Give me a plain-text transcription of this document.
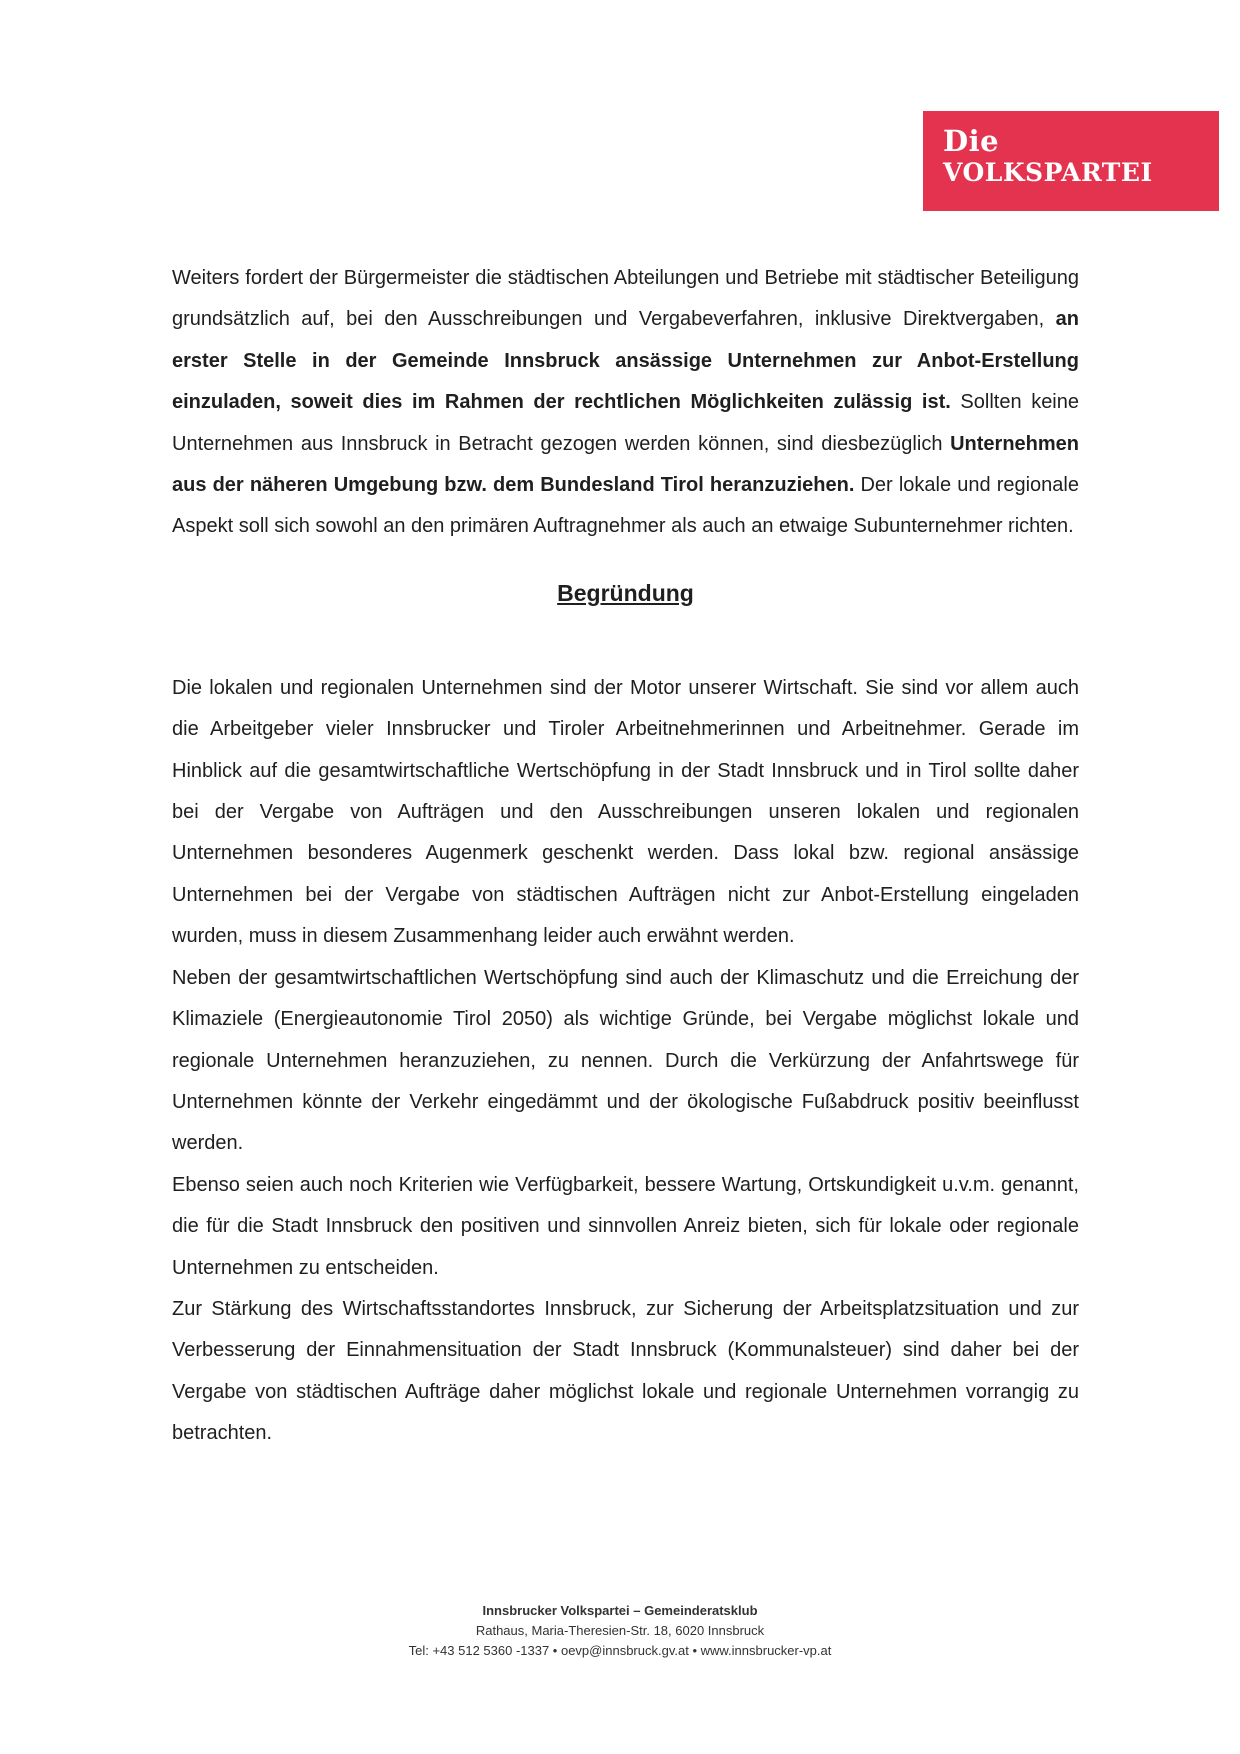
Die
VOLKSPARTEI

Weiters fordert der Bürgermeister die städtischen Abteilungen und Betriebe mit städtischer Beteiligung grundsätzlich auf, bei den Ausschreibungen und Vergabeverfahren, inklusive Direktvergaben, an erster Stelle in der Gemeinde Innsbruck ansässige Unternehmen zur Anbot-Erstellung einzuladen, soweit dies im Rahmen der rechtlichen Möglichkeiten zulässig ist. Sollten keine Unternehmen aus Innsbruck in Betracht gezogen werden können, sind diesbezüglich Unternehmen aus der näheren Umgebung bzw. dem Bundesland Tirol heranzuziehen. Der lokale und regionale Aspekt soll sich sowohl an den primären Auftragnehmer als auch an etwaige Subunternehmer richten.

Begründung

Die lokalen und regionalen Unternehmen sind der Motor unserer Wirtschaft. Sie sind vor allem auch die Arbeitgeber vieler Innsbrucker und Tiroler Arbeitnehmerinnen und Arbeitnehmer. Gerade im Hinblick auf die gesamtwirtschaftliche Wertschöpfung in der Stadt Innsbruck und in Tirol sollte daher bei der Vergabe von Aufträgen und den Ausschreibungen unseren lokalen und regionalen Unternehmen besonderes Augenmerk geschenkt werden. Dass lokal bzw. regional ansässige Unternehmen bei der Vergabe von städtischen Aufträgen nicht zur Anbot-Erstellung eingeladen wurden, muss in diesem Zusammenhang leider auch erwähnt werden.

Neben der gesamtwirtschaftlichen Wertschöpfung sind auch der Klimaschutz und die Erreichung der Klimaziele (Energieautonomie Tirol 2050) als wichtige Gründe, bei Vergabe möglichst lokale und regionale Unternehmen heranzuziehen, zu nennen. Durch die Verkürzung der Anfahrtswege für Unternehmen könnte der Verkehr eingedämmt und der ökologische Fußabdruck positiv beeinflusst werden.

Ebenso seien auch noch Kriterien wie Verfügbarkeit, bessere Wartung, Ortskundigkeit u.v.m. genannt, die für die Stadt Innsbruck den positiven und sinnvollen Anreiz bieten, sich für lokale oder regionale Unternehmen zu entscheiden.

Zur Stärkung des Wirtschaftsstandortes Innsbruck, zur Sicherung der Arbeitsplatzsituation und zur Verbesserung der Einnahmensituation der Stadt Innsbruck (Kommunalsteuer) sind daher bei der Vergabe von städtischen Aufträge daher möglichst lokale und regionale Unternehmen vorrangig zu betrachten.

Innsbrucker Volkspartei – Gemeinderatsklub
Rathaus, Maria-Theresien-Str. 18, 6020 Innsbruck
Tel: +43 512 5360 -1337 • oevp@innsbruck.gv.at • www.innsbrucker-vp.at
